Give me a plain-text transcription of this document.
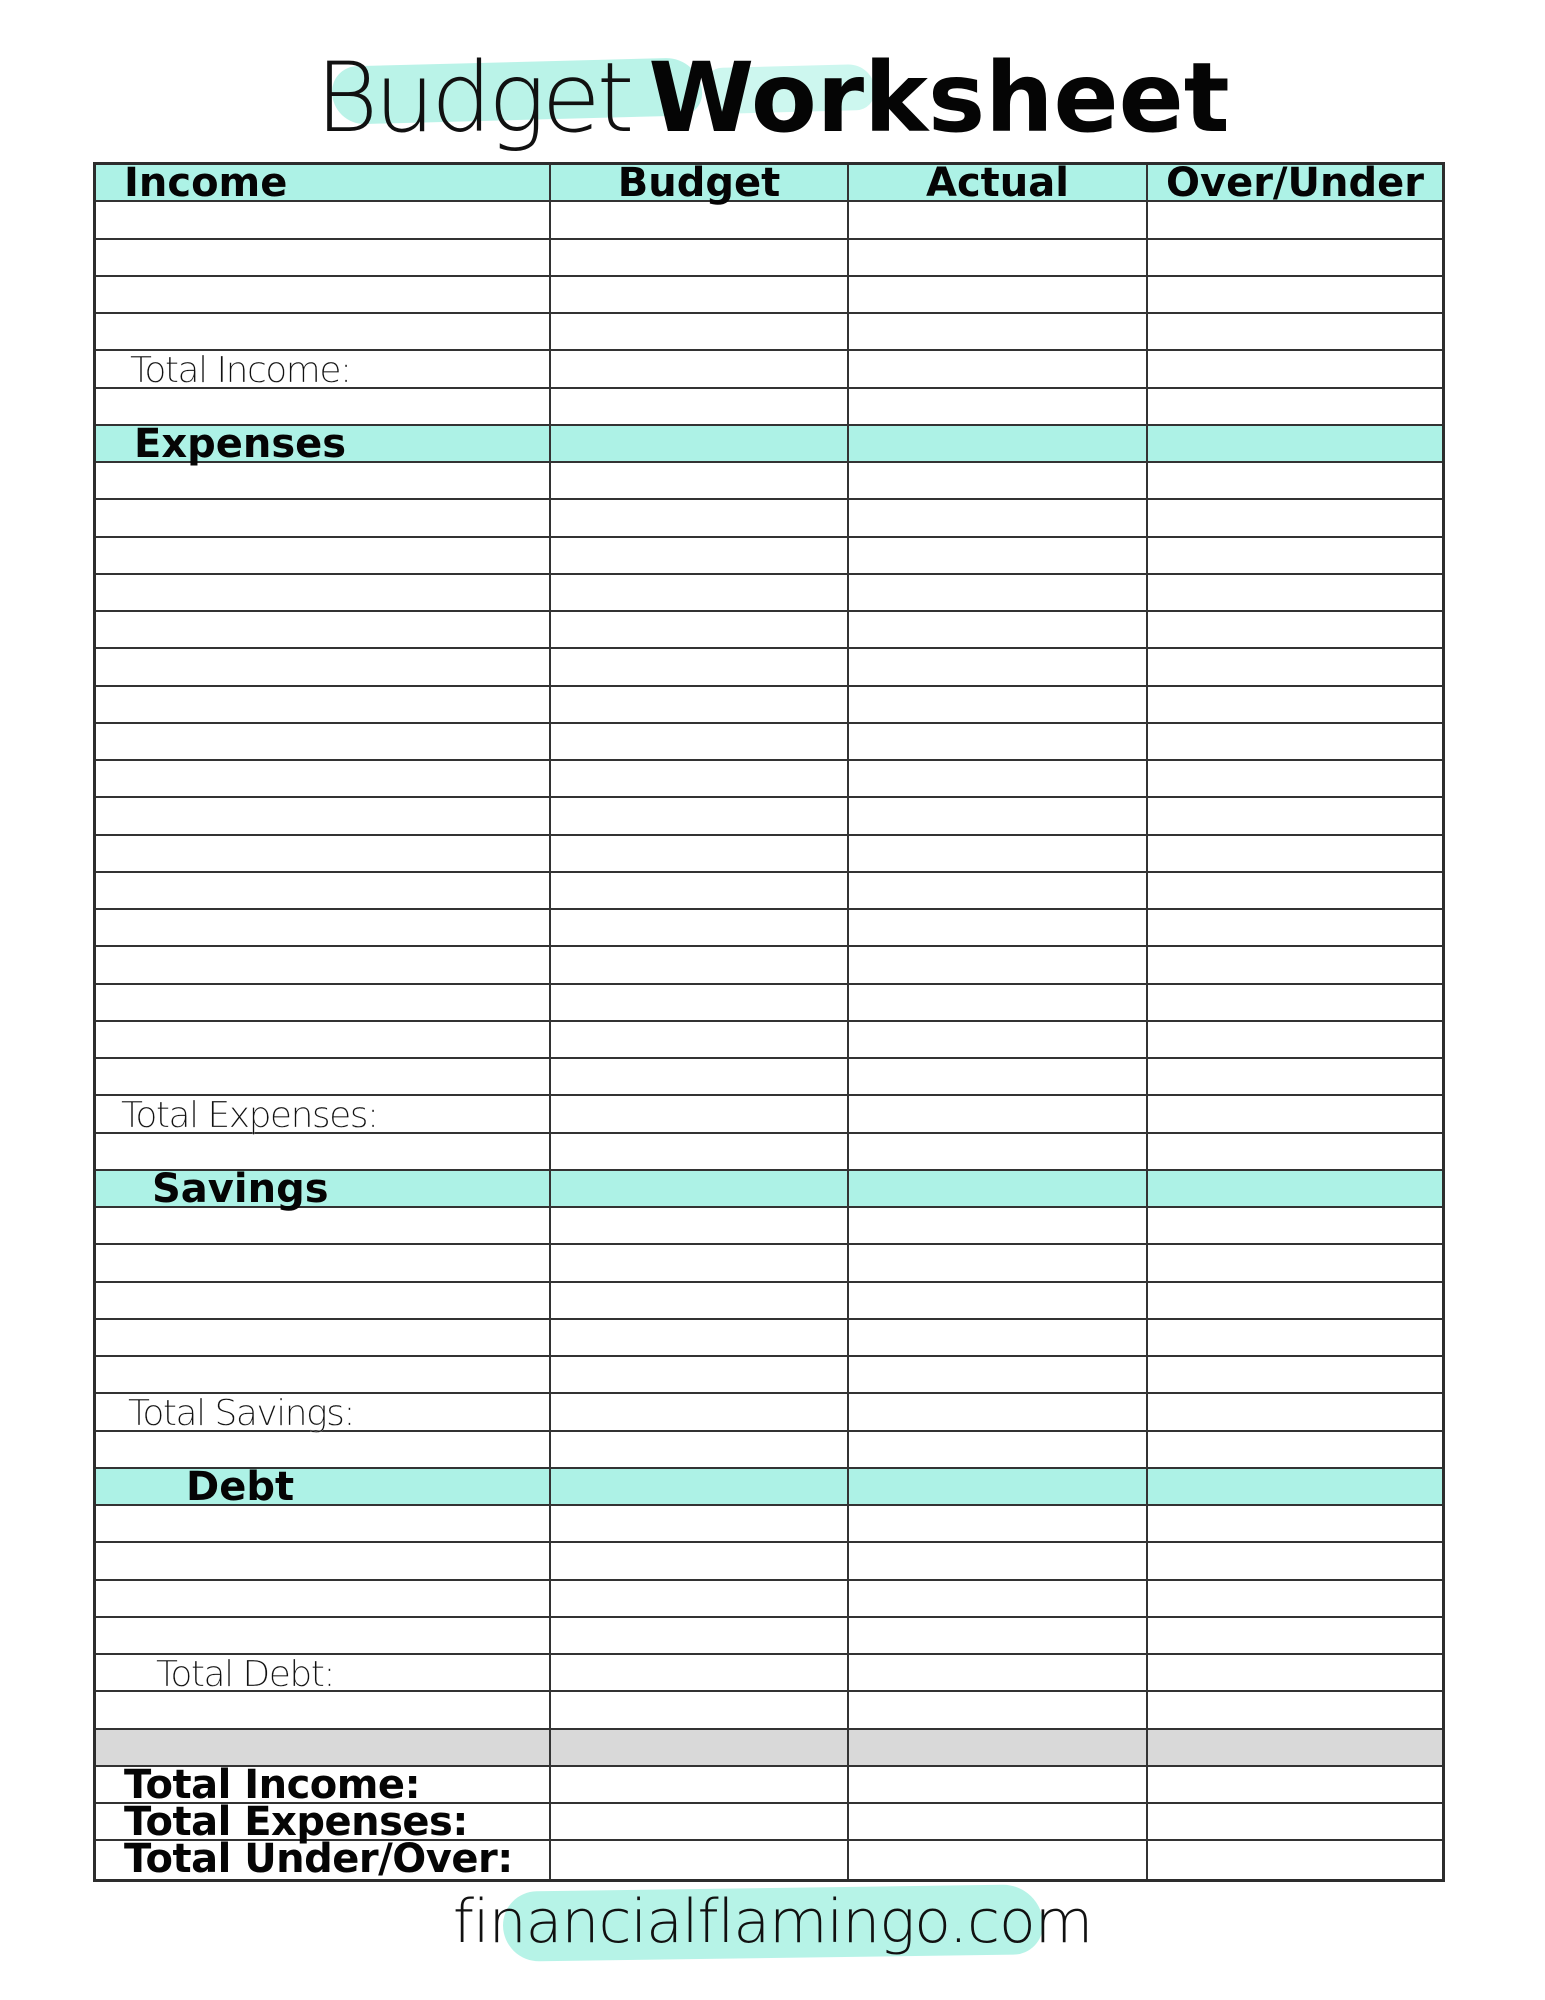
Budget Worksheet
Income	Budget	Actual	Over/Under
Total Income:
Expenses
Total Expenses:
Savings
Total Savings:
Debt
Total Debt:
Total Income:
Total Expenses:
Total Under/Over:
financialflamingo.com
